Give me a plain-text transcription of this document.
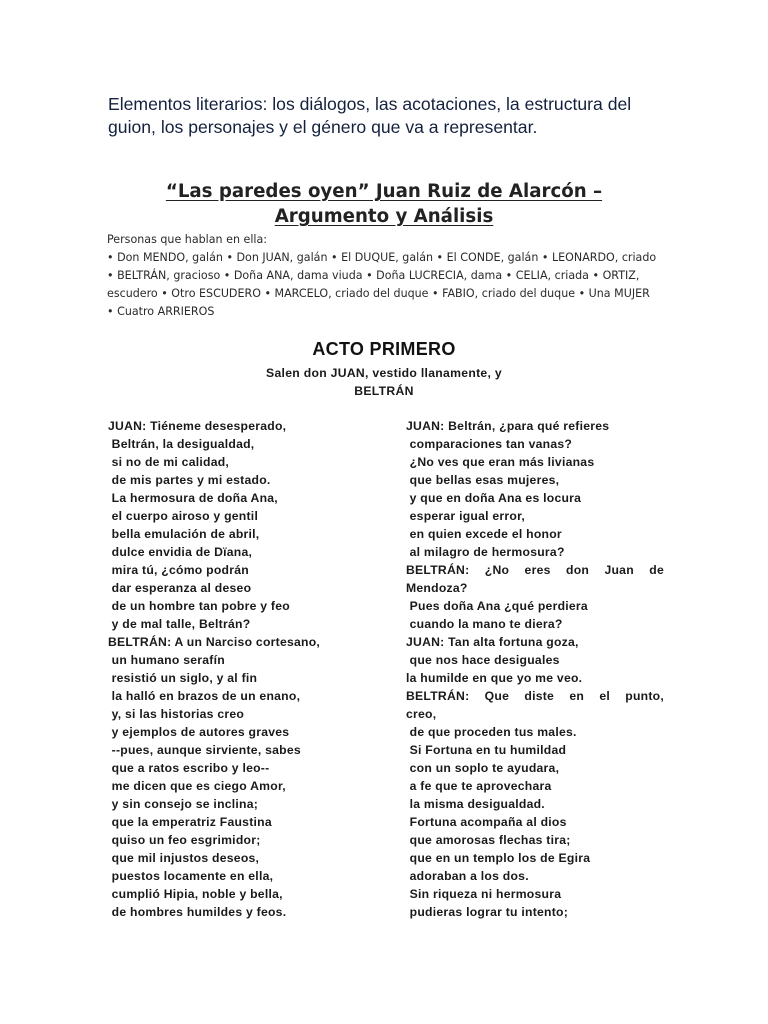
Elementos literarios: los diálogos, las acotaciones, la estructura del guion, los personajes y el género que va a representar.

“Las paredes oyen” Juan Ruiz de Alarcón –
Argumento y Análisis
Personas que hablan en ella:
• Don MENDO, galán • Don JUAN, galán • El DUQUE, galán • El CONDE, galán • LEONARDO, criado
• BELTRÁN, gracioso • Doña ANA, dama viuda • Doña LUCRECIA, dama • CELIA, criada • ORTIZ,
escudero • Otro ESCUDERO • MARCELO, criado del duque • FABIO, criado del duque • Una MUJER
• Cuatro ARRIEROS
ACTO PRIMERO
Salen don JUAN, vestido llanamente, y
BELTRÁN
JUAN: Tiéneme desesperado,
Beltrán, la desigualdad,
si no de mi calidad,
de mis partes y mi estado.
La hermosura de doña Ana,
el cuerpo airoso y gentil
bella emulación de abril,
dulce envidia de Dïana,
mira tú, ¿cómo podrán
dar esperanza al deseo
de un hombre tan pobre y feo
y de mal talle, Beltrán?
BELTRÁN: A un Narciso cortesano,
un humano serafín
resistió un siglo, y al fin
la halló en brazos de un enano,
y, si las historias creo
y ejemplos de autores graves
--pues, aunque sirviente, sabes
que a ratos escribo y leo--
me dicen que es ciego Amor,
y sin consejo se inclina;
que la emperatriz Faustina
quiso un feo esgrimidor;
que mil injustos deseos,
puestos locamente en ella,
cumplió Hipia, noble y bella,
de hombres humildes y feos.
JUAN: Beltrán, ¿para qué refieres
comparaciones tan vanas?
¿No ves que eran más livianas
que bellas esas mujeres,
y que en doña Ana es locura
esperar igual error,
en quien excede el honor
al milagro de hermosura?
BELTRÁN: ¿No eres don Juan de
Mendoza?
Pues doña Ana ¿qué perdiera
cuando la mano te diera?
JUAN: Tan alta fortuna goza,
que nos hace desiguales
la humilde en que yo me veo.
BELTRÁN: Que diste en el punto,
creo,
de que proceden tus males.
Si Fortuna en tu humildad
con un soplo te ayudara,
a fe que te aprovechara
la misma desigualdad.
Fortuna acompaña al dios
que amorosas flechas tira;
que en un templo los de Egira
adoraban a los dos.
Sin riqueza ni hermosura
pudieras lograr tu intento;
